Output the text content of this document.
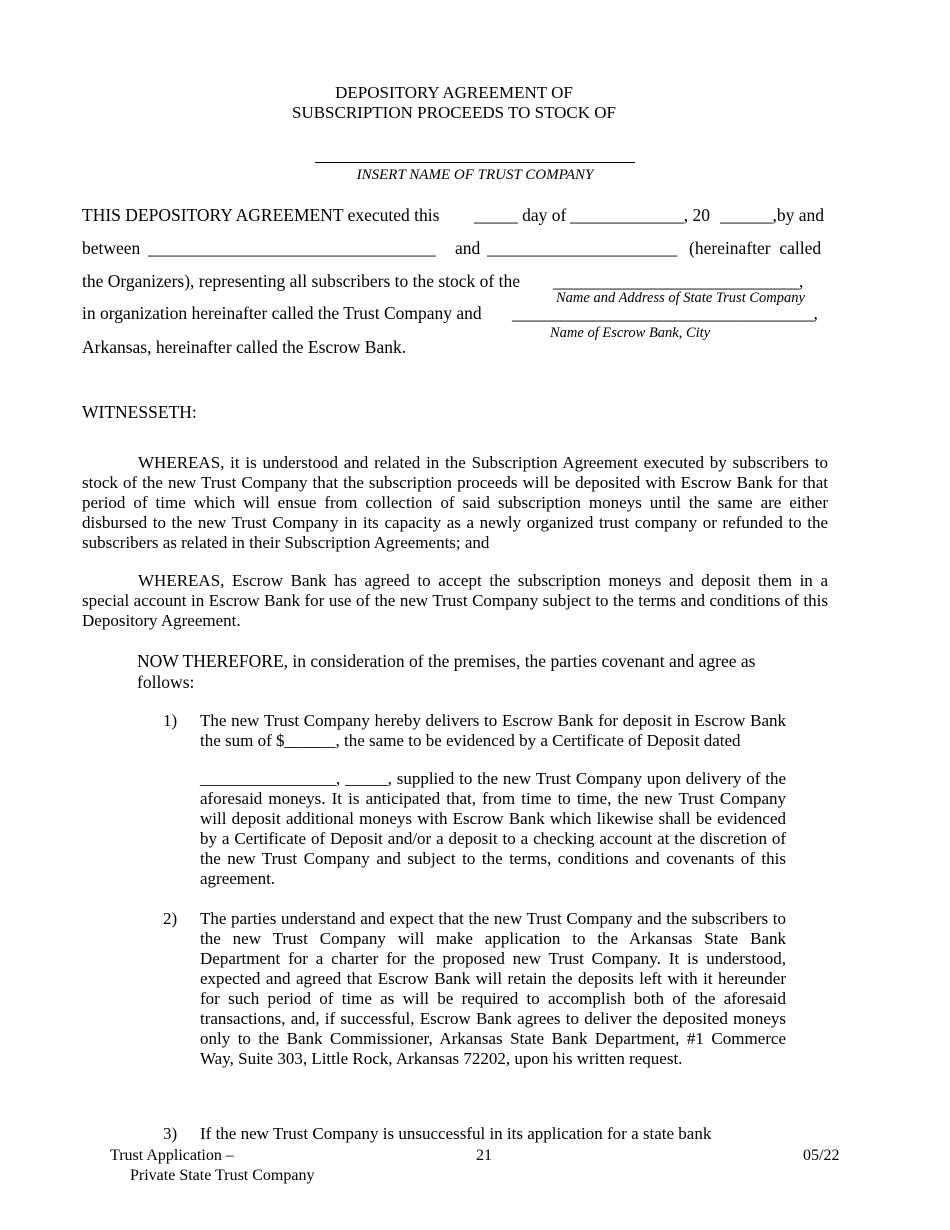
DEPOSITORY AGREEMENT OF
SUBSCRIPTION PROCEEDS TO STOCK OF
INSERT NAME OF TRUST COMPANY
THIS DEPOSITORY AGREEMENT executed this	_____ day of _____________, 20 ______,by and
between __________________________________ and _______________________ (hereinafter  called
the Organizers), representing all subscribers to the stock of the ______________________________,
Name and Address of State Trust Company
in organization hereinafter called the Trust Company and _____________________________________,
Name of Escrow Bank, City
Arkansas, hereinafter called the Escrow Bank.
WITNESSETH:
WHEREAS, it is understood and related in the Subscription Agreement executed by subscribers to stock of the new Trust Company that the subscription proceeds will be deposited with Escrow Bank for that period of time which will ensue from collection of said subscription moneys until the same are either disbursed to the new Trust Company in its capacity as a newly organized trust company or refunded to the subscribers as related in their Subscription Agreements; and
WHEREAS, Escrow Bank has agreed to accept the subscription moneys and deposit them in a special account in Escrow Bank for use of the new Trust Company subject to the terms and conditions of this Depository Agreement.
NOW THEREFORE, in consideration of the premises, the parties covenant and agree as follows:
1) The new Trust Company hereby delivers to Escrow Bank for deposit in Escrow Bank the sum of $______, the same to be evidenced by a Certificate of Deposit dated
________________, _____, supplied to the new Trust Company upon delivery of the aforesaid moneys. It is anticipated that, from time to time, the new Trust Company will deposit additional moneys with Escrow Bank which likewise shall be evidenced by a Certificate of Deposit and/or a deposit to a checking account at the discretion of the new Trust Company and subject to the terms, conditions and covenants of this agreement.
2) The parties understand and expect that the new Trust Company and the subscribers to the new Trust Company will make application to the Arkansas State Bank Department for a charter for the proposed new Trust Company. It is understood, expected and agreed that Escrow Bank will retain the deposits left with it hereunder for such period of time as will be required to accomplish both of the aforesaid transactions, and, if successful, Escrow Bank agrees to deliver the deposited moneys only to the Bank Commissioner, Arkansas State Bank Department, #1 Commerce Way, Suite 303, Little Rock, Arkansas 72202, upon his written request.
3) If the new Trust Company is unsuccessful in its application for a state bank
Trust Application –
Private State Trust Company
21	05/22
